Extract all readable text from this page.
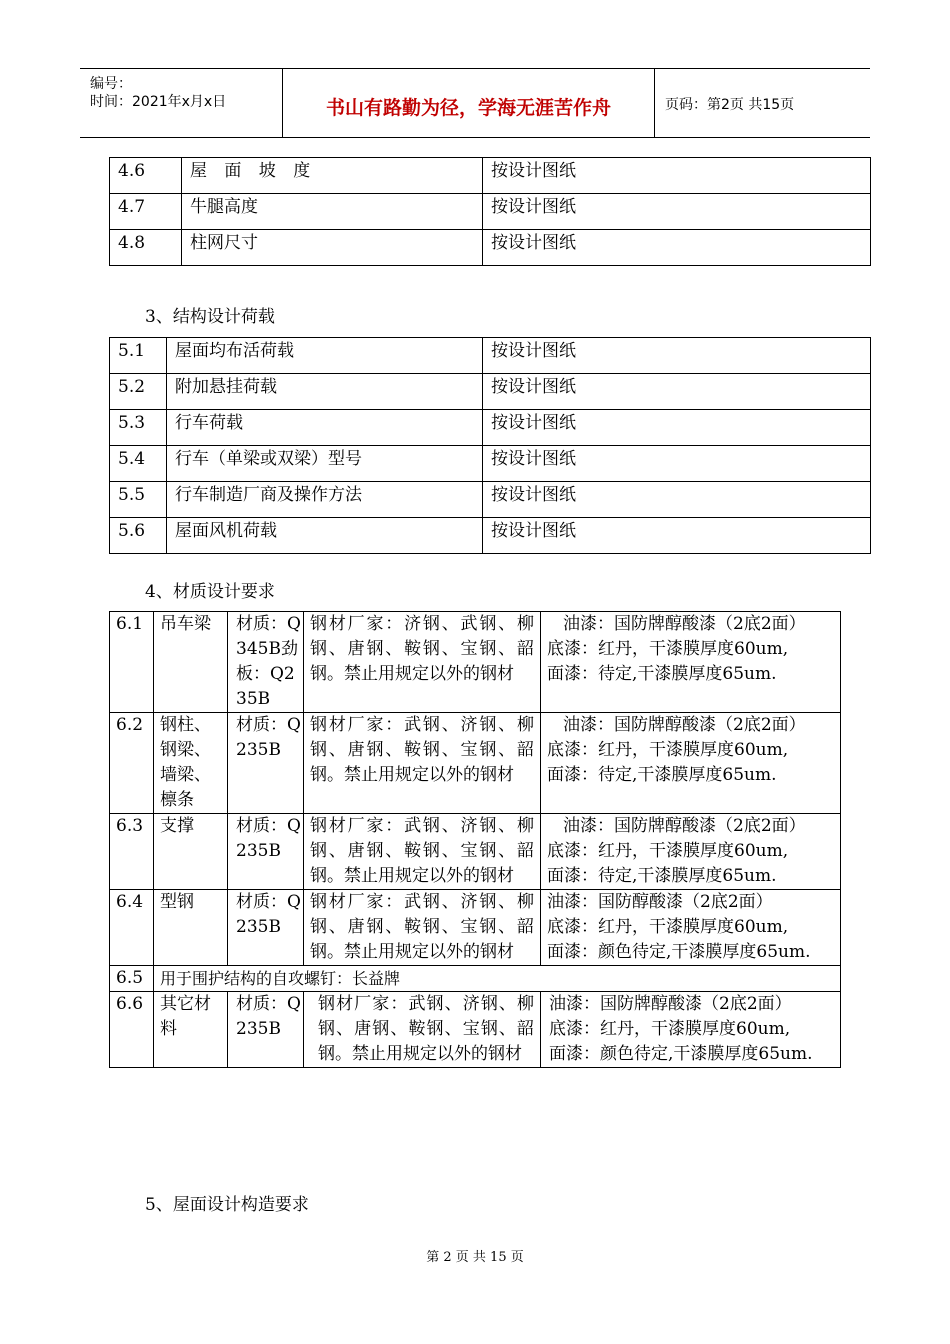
编号：
时间：2021年x月x日	书山有路勤为径，学海无涯苦作舟	页码：第2页 共15页
4.6	屋 面 坡 度	按设计图纸
4.7	牛腿高度	按设计图纸
4.8	柱网尺寸	按设计图纸
3、结构设计荷载
5.1	屋面均布活荷载	按设计图纸
5.2	附加悬挂荷载	按设计图纸
5.3	行车荷载	按设计图纸
5.4	行车（单梁或双梁）型号	按设计图纸
5.5	行车制造厂商及操作方法	按设计图纸
5.6	屋面风机荷载	按设计图纸
4、材质设计要求
6.1	吊车梁	材质：Q345B劲板：Q235B	钢材厂家：济钢、武钢、柳钢、唐钢、鞍钢、宝钢、韶钢。禁止用规定以外的钢材	油漆：国防牌醇酸漆（2底2面）
底漆：红丹，干漆膜厚度60um,
面漆：待定,干漆膜厚度65um.

6.2	钢柱、钢梁、墙梁、檩条	材质：Q235B	钢材厂家：武钢、济钢、柳钢、唐钢、鞍钢、宝钢、韶钢。禁止用规定以外的钢材	油漆：国防牌醇酸漆（2底2面）
底漆：红丹，干漆膜厚度60um,
面漆：待定,干漆膜厚度65um.

6.3	支撑	材质：Q235B	钢材厂家：武钢、济钢、柳钢、唐钢、鞍钢、宝钢、韶钢。禁止用规定以外的钢材	油漆：国防牌醇酸漆（2底2面）
底漆：红丹，干漆膜厚度60um,
面漆：待定,干漆膜厚度65um.

6.4	型钢	材质：Q235B	钢材厂家：武钢、济钢、柳钢、唐钢、鞍钢、宝钢、韶钢。禁止用规定以外的钢材	油漆：国防醇酸漆（2底2面）
底漆：红丹，干漆膜厚度60um,
面漆：颜色待定,干漆膜厚度65um.

6.5	用于围护结构的自攻螺钉：长益牌			
6.6	其它材料	材质：Q235B	钢材厂家：武钢、济钢、柳钢、唐钢、鞍钢、宝钢、韶钢。禁止用规定以外的钢材	油漆：国防牌醇酸漆（2底2面）
底漆：红丹，干漆膜厚度60um,
面漆：颜色待定,干漆膜厚度65um.
5、屋面设计构造要求
第 2 页 共 15 页
